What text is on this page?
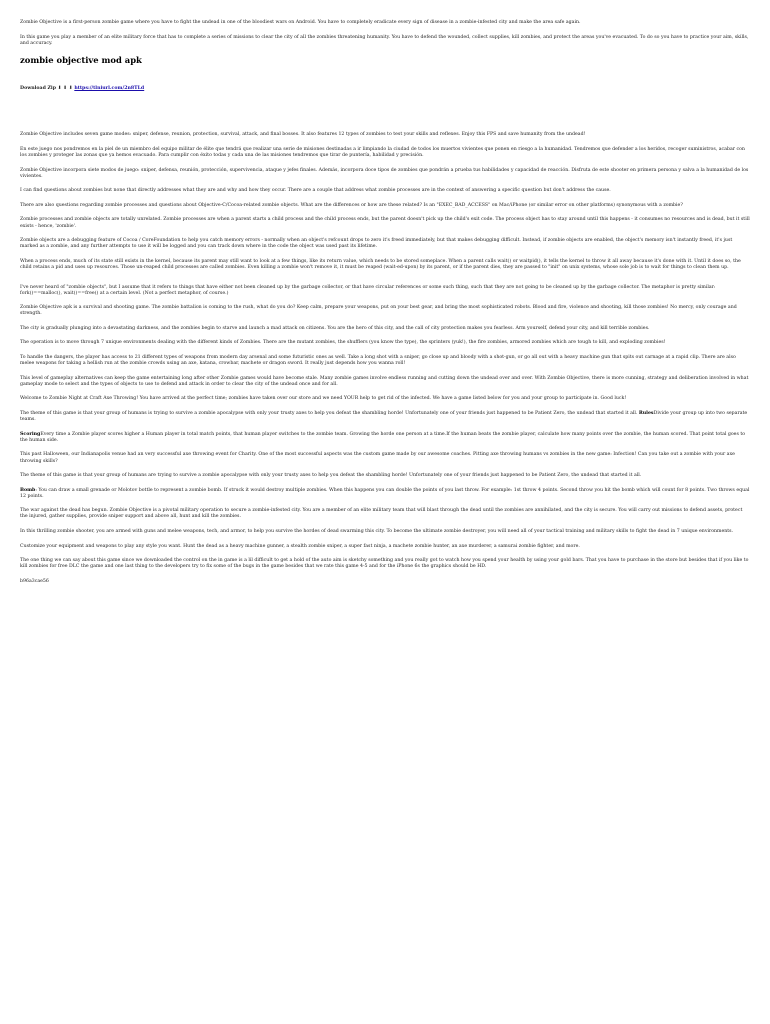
Zombie Objective is a first-person zombie game where you have to fight the undead in one of the bloodiest wars on Android. You have to completely eradicate every sign of disease in a zombie-infested city and make the area safe again.

In this game you play a member of an elite military force that has to complete a series of missions to clear the city of all the zombies threatening humanity. You have to defend the wounded, collect supplies, kill zombies, and protect the areas you've evacuated. To do so you have to practice your aim, skills, and accuracy.

zombie objective mod apk
Download Zip ⬇ ⬇ ⬇ https://tlniurl.com/2n8TLd

Zombie Objective includes seven game modes: sniper, defense, reunion, protection, survival, attack, and final bosses. It also features 12 types of zombies to test your skills and reflexes. Enjoy this FPS and save humanity from the undead!

En este juego nos pondremos en la piel de un miembro del equipo militar de élite que tendrá que realizar una serie de misiones destinadas a ir limpiando la ciudad de todos los muertos vivientes que ponen en riesgo a la humanidad. Tendremos que defender a los heridos, recoger suministros, acabar con los zombies y proteger las zonas que ya hemos evacuado. Para cumplir con éxito todas y cada una de las misiones tendremos que tirar de puntería, habilidad y precisión.

Zombie Objective incorpora siete modos de juego: sniper, defensa, reunión, protección, supervivencia, ataque y jefes finales. Además, incorpora doce tipos de zombies que pondrán a prueba tus habilidades y capacidad de reacción. Disfruta de este shooter en primera persona y salva a la humanidad de los vivientes.

I can find questions about zombies but none that directly addresses what they are and why and how they occur. There are a couple that address what zombie processes are in the context of answering a specific question but don't address the cause.

There are also questions regarding zombie processes and questions about Objective-C/Cocoa-related zombie objects. What are the differences or how are these related? Is an "EXEC_BAD_ACCESS" on Mac/iPhone (or similar error on other platforms) synonymous with a zombie?

Zombie processes and zombie objects are totally unrelated. Zombie processes are when a parent starts a child process and the child process ends, but the parent doesn't pick up the child's exit code. The process object has to stay around until this happens - it consumes no resources and is dead, but it still exists - hence, 'zombie'.

Zombie objects are a debugging feature of Cocoa / CoreFoundation to help you catch memory errors - normally when an object's refcount drops to zero it's freed immediately, but that makes debugging difficult. Instead, if zombie objects are enabled, the object's memory isn't instantly freed, it's just marked as a zombie, and any further attempts to use it will be logged and you can track down where in the code the object was used past its lifetime.

When a process ends, much of its state still exists in the kernel, because its parent may still want to look at a few things, like its return value, which needs to be stored someplace. When a parent calls wait() or waitpid(), it tells the kernel to throw it all away because it's done with it. Until it does so, the child retains a pid and uses up resources. Those un-reaped child processes are called zombies. Even killing a zombie won't remove it, it must be reaped (wait-ed-upon) by its parent, or if the parent dies, they are passed to "init" on unix systems, whose sole job is to wait for things to clean them up.

I've never heard of "zombie objects", but I assume that it refers to things that have either not been cleaned up by the garbage collector, or that have circular references or some such thing, such that they are not going to be cleaned up by the garbage collector. The metaphor is pretty similar: fork()==malloc(), wait()==free() at a certain level. (Not a perfect metaphor, of course.)

Zombie Objective apk is a survival and shooting game. The zombie battalion is coming to the rush, what do you do? Keep calm, prepare your weapons, put on your best gear, and bring the most sophisticated robots. Blood and fire, violence and shooting, kill those zombies! No mercy, only courage and strength.

The city is gradually plunging into a devastating darkness, and the zombies begin to starve and launch a mad attack on citizens. You are the hero of this city, and the call of city protection makes you fearless. Arm yourself, defend your city, and kill terrible zombies.

The operation is to move through 7 unique environments dealing with the different kinds of Zombies. There are the mutant zombies, the shufflers (you know the type), the sprinters (yuk!), the fire zombies, armored zombies which are tough to kill, and exploding zombies!

To handle the dangers, the player has access to 21 different types of weapons from modern day arsenal and some futuristic ones as well. Take a long shot with a sniper, go close up and bloody with a shot-gun, or go all out with a heavy machine gun that spits out carnage at a rapid clip. There are also melee weapons for taking a hellish run at the zombie crowds using an axe, katana, crowbar, machete or dragon sword. It really just depends how you wanna roll!

This level of gameplay alternatives can keep the game entertaining long after other Zombie games would have become stale. Many zombie games involve endless running and cutting down the undead over and over. With Zombie Objective, there is more cunning, strategy and deliberation involved in what gameplay mode to select and the types of objects to use to defend and attack in order to clear the city of the undead once and for all.

Welcome to Zombie Night at Craft Axe Throwing! You have arrived at the perfect time; zombies have taken over our store and we need YOUR help to get rid of the infected. We have a game listed below for you and your group to participate in. Good luck!

The theme of this game is that your group of humans is trying to survive a zombie apocalypse with only your trusty axes to help you defeat the shambling horde! Unfortunately one of your friends just happened to be Patient Zero, the undead that started it all. RulesDivide your group up into two separate teams.

ScoringEvery time a Zombie player scores higher a Human player in total match points, that human player switches to the zombie team. Growing the horde one person at a time.If the human beats the zombie player, calculate how many points over the zombie, the human scored. That point total goes to the human side.

This past Halloween, our Indianapolis venue had an very successful axe throwing event for Charity. One of the most successful aspects was the custom game made by our awesome coaches. Pitting axe throwing humans vs zombies in the new game: Infection! Can you take out a zombie with your axe throwing skills?

The theme of this game is that your group of humans are trying to survive a zombie apocalypse with only your trusty axes to help you defeat the shambling horde! Unfortunately one of your friends just happened to be Patient Zero, the undead that started it all.

Bomb: You can draw a small grenade or Molotov bottle to represent a zombie bomb. If struck it would destroy multiple zombies. When this happens you can double the points of you last throw. For example: 1st throw 4 points. Second throw you hit the bomb which will count for 8 points. Two throws equal 12 points.

The war against the dead has begun. Zombie Objective is a pivotal military operation to secure a zombie-infested city. You are a member of an elite military team that will blast through the dead until the zombies are annihilated, and the city is secure. You will carry out missions to defend assets, protect the injured, gather supplies, provide sniper support and above all, hunt and kill the zombies.

In this thrilling zombie shooter, you are armed with guns and melee weapons, tech, and armor, to help you survive the hordes of dead swarming this city. To become the ultimate zombie destroyer, you will need all of your tactical training and military skills to fight the dead in 7 unique environments.

Customize your equipment and weapons to play any style you want. Hunt the dead as a heavy machine gunner, a stealth zombie sniper, a super fast ninja, a machete zombie hunter, an axe murderer, a samurai zombie fighter, and more.

The one thing we can say about this game since we downloaded the control on the in game is a lil difficult to get a hold of the auto aim is sketchy something and you really got to watch how you spend your health by using your gold bars. That you have to purchase in the store but besides that if you like to kill zombies for free DLC the game and one last thing to the developers try to fix some of the bugs in the game besides that we rate this game 4-5 and for the iPhone 6s the graphics should be HD.

b96a3cae56
